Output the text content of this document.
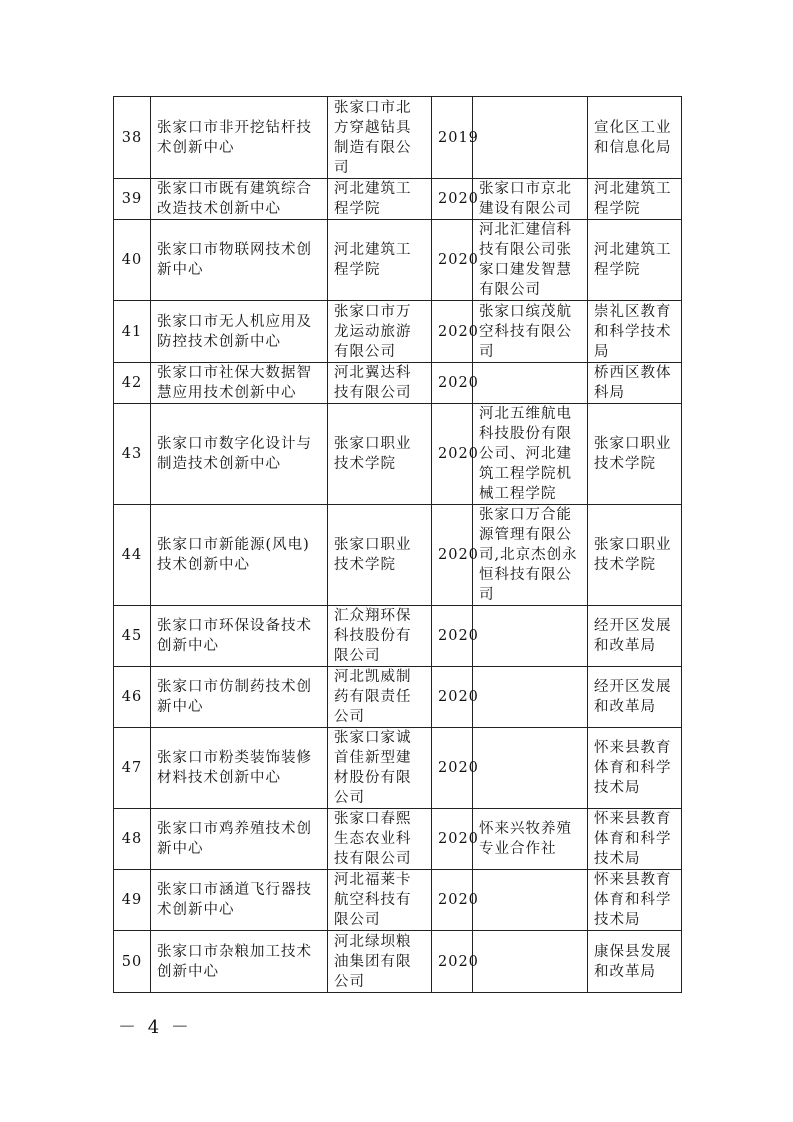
38	张家口市非开挖钻杆技术创新中心	张家口市北方穿越钻具制造有限公司	2019		宣化区工业和信息化局
39	张家口市既有建筑综合改造技术创新中心	河北建筑工程学院	2020	张家口市京北建设有限公司	河北建筑工程学院
40	张家口市物联网技术创新中心	河北建筑工程学院	2020	河北汇建信科技有限公司张家口建发智慧有限公司	河北建筑工程学院
41	张家口市无人机应用及防控技术创新中心	张家口市万龙运动旅游有限公司	2020	张家口缤茂航空科技有限公司	崇礼区教育和科学技术局
42	张家口市社保大数据智慧应用技术创新中心	河北翼达科技有限公司	2020		桥西区教体科局
43	张家口市数字化设计与制造技术创新中心	张家口职业技术学院	2020	河北五维航电科技股份有限公司、河北建筑工程学院机械工程学院	张家口职业技术学院
44	张家口市新能源(风电)技术创新中心	张家口职业技术学院	2020	张家口万合能源管理有限公司,北京杰创永恒科技有限公司	张家口职业技术学院
45	张家口市环保设备技术创新中心	汇众翔环保科技股份有限公司	2020		经开区发展和改革局
46	张家口市仿制药技术创新中心	河北凯威制药有限责任公司	2020		经开区发展和改革局
47	张家口市粉类装饰装修材料技术创新中心	张家口家诚首佳新型建材股份有限公司	2020		怀来县教育体育和科学技术局
48	张家口市鸡养殖技术创新中心	张家口春熙生态农业科技有限公司	2020	怀来兴牧养殖专业合作社	怀来县教育体育和科学技术局
49	张家口市涵道飞行器技术创新中心	河北福莱卡航空科技有限公司	2020		怀来县教育体育和科学技术局
50	张家口市杂粮加工技术创新中心	河北绿坝粮油集团有限公司	2020		康保县发展和改革局
－ 4 －
